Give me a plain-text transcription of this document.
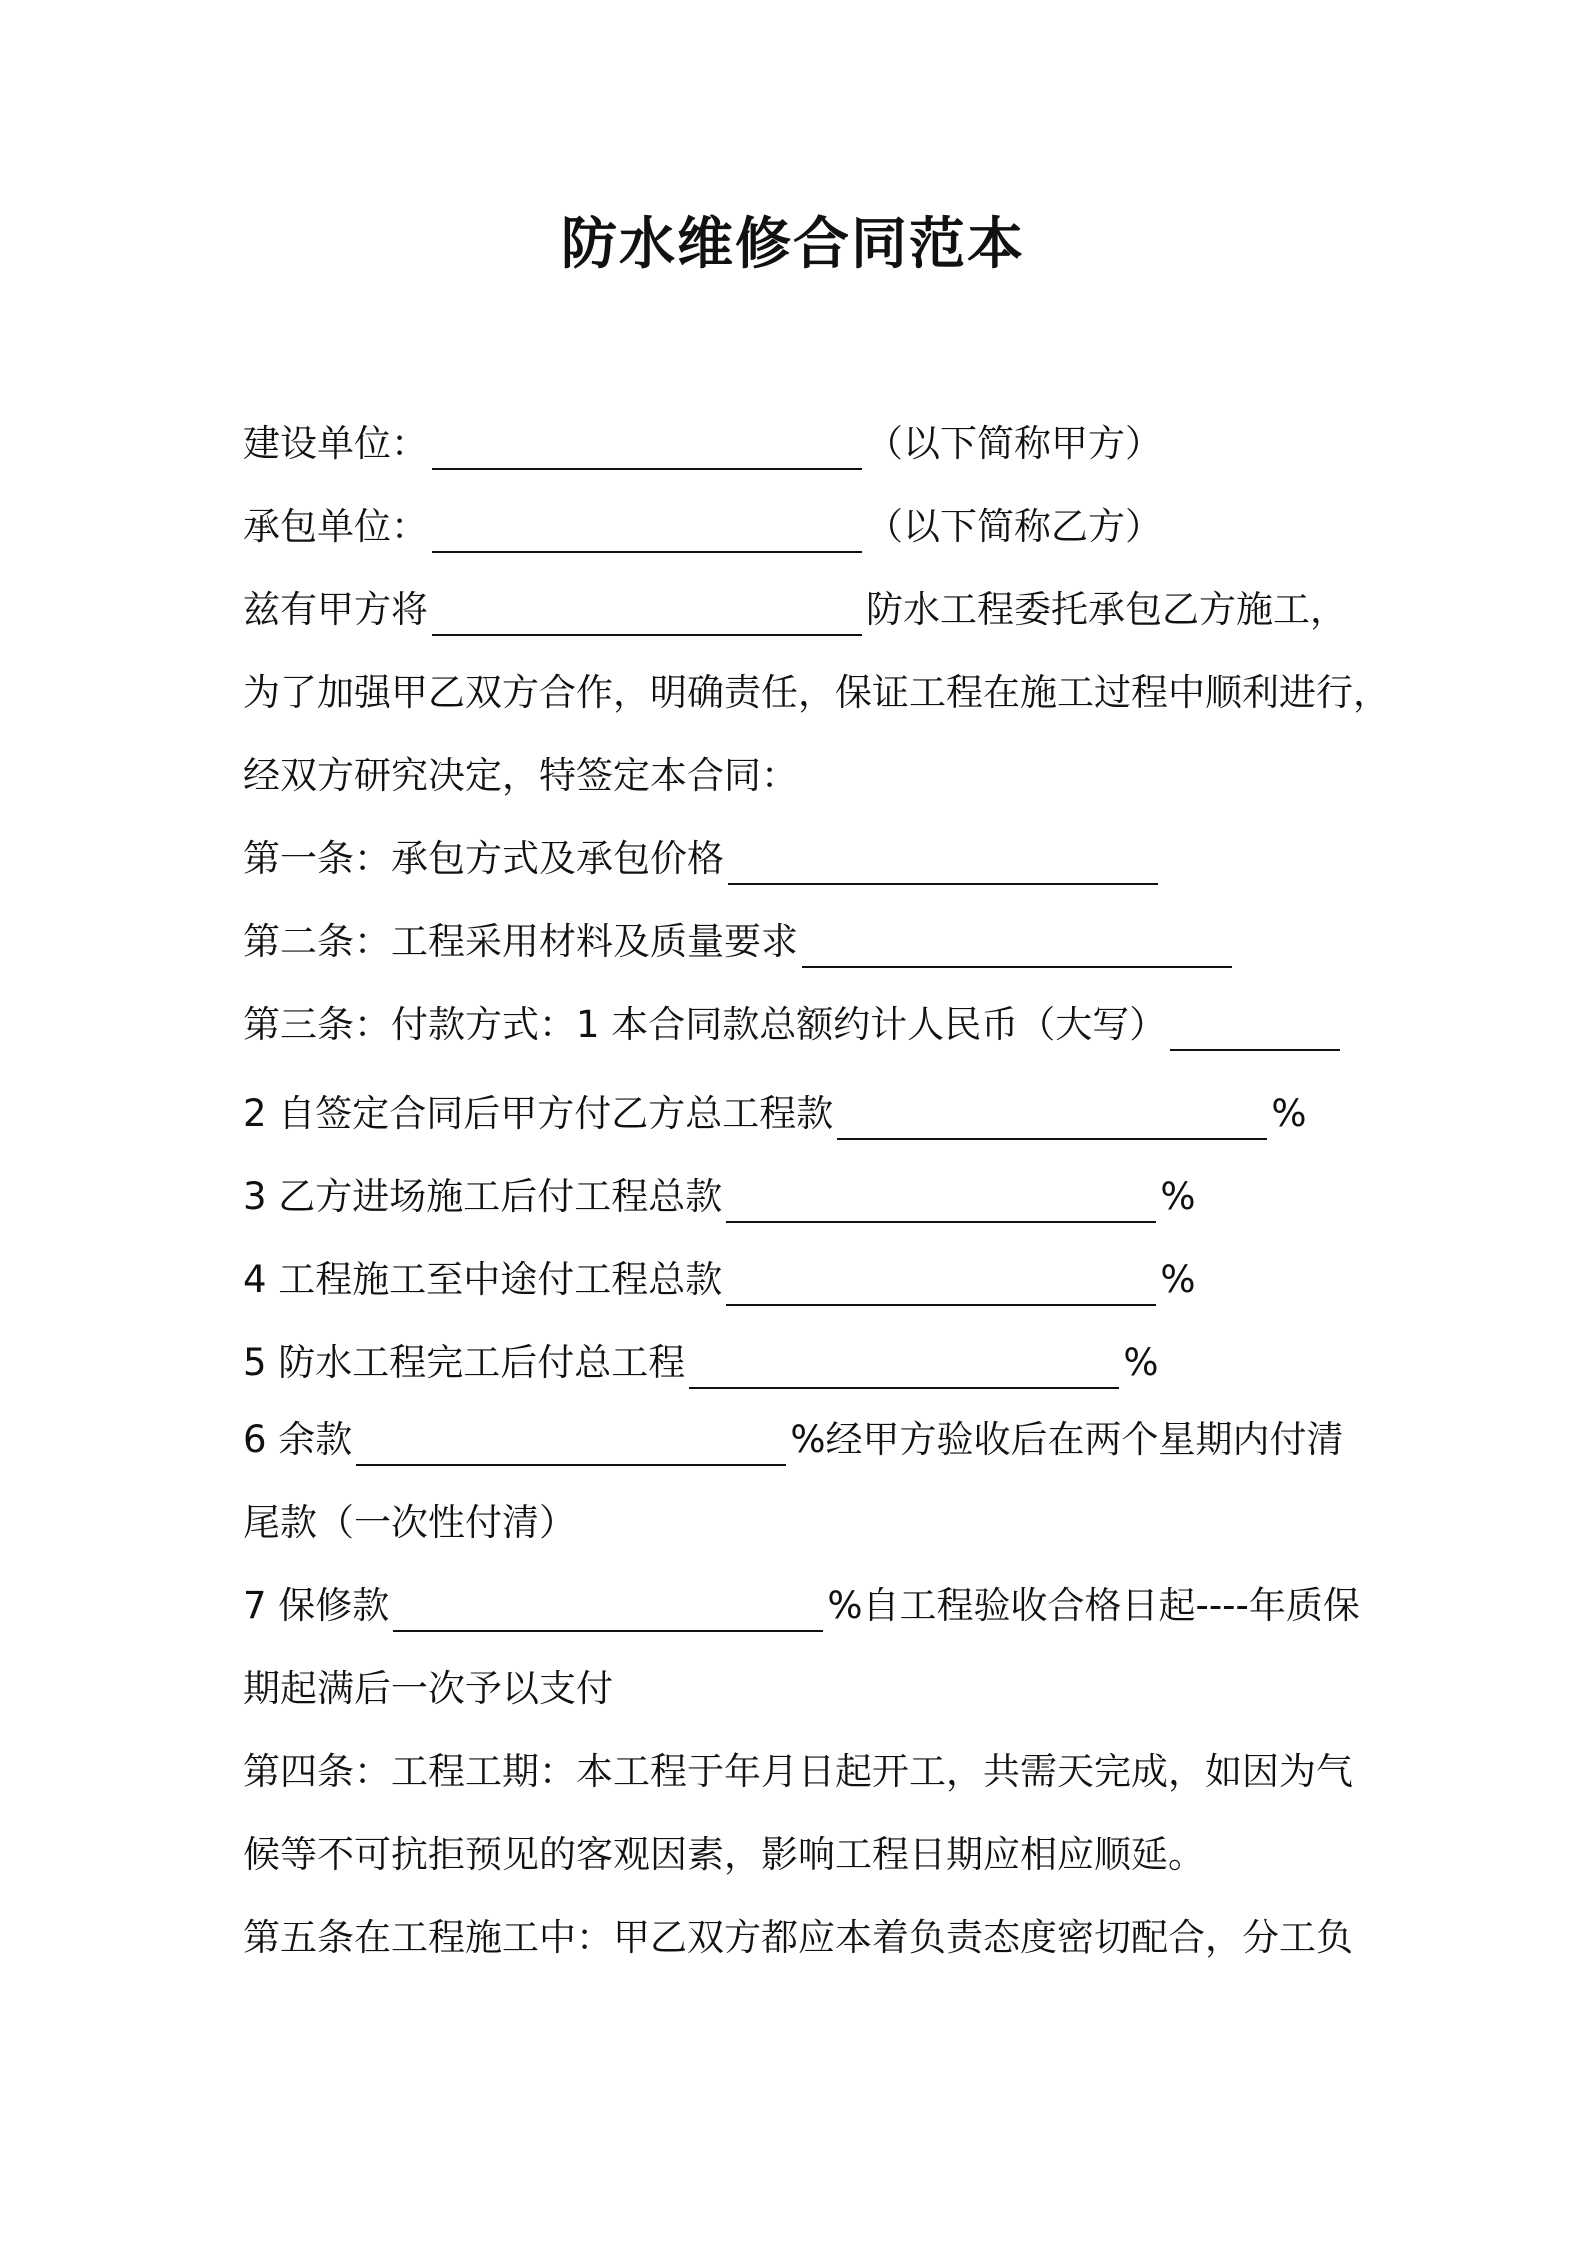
防水维修合同范本
建设单位：	（以下简称甲方）
承包单位：	（以下简称乙方）
兹有甲方将	防水工程委托承包乙方施工，
为了加强甲乙双方合作，明确责任，保证工程在施工过程中顺利进行，
经双方研究决定，特签定本合同：
第一条：承包方式及承包价格
第二条：工程采用材料及质量要求
第三条：付款方式：1 本合同款总额约计人民币（大写）
2 自签定合同后甲方付乙方总工程款	%
3 乙方进场施工后付工程总款	%
4 工程施工至中途付工程总款	%
5 防水工程完工后付总工程	%
6 余款	%经甲方验收后在两个星期内付清
尾款（一次性付清）
7 保修款	%自工程验收合格日起----年质保
期起满后一次予以支付
第四条：工程工期：本工程于年月日起开工，共需天完成，如因为气
候等不可抗拒预见的客观因素，影响工程日期应相应顺延。
第五条在工程施工中：甲乙双方都应本着负责态度密切配合，分工负
